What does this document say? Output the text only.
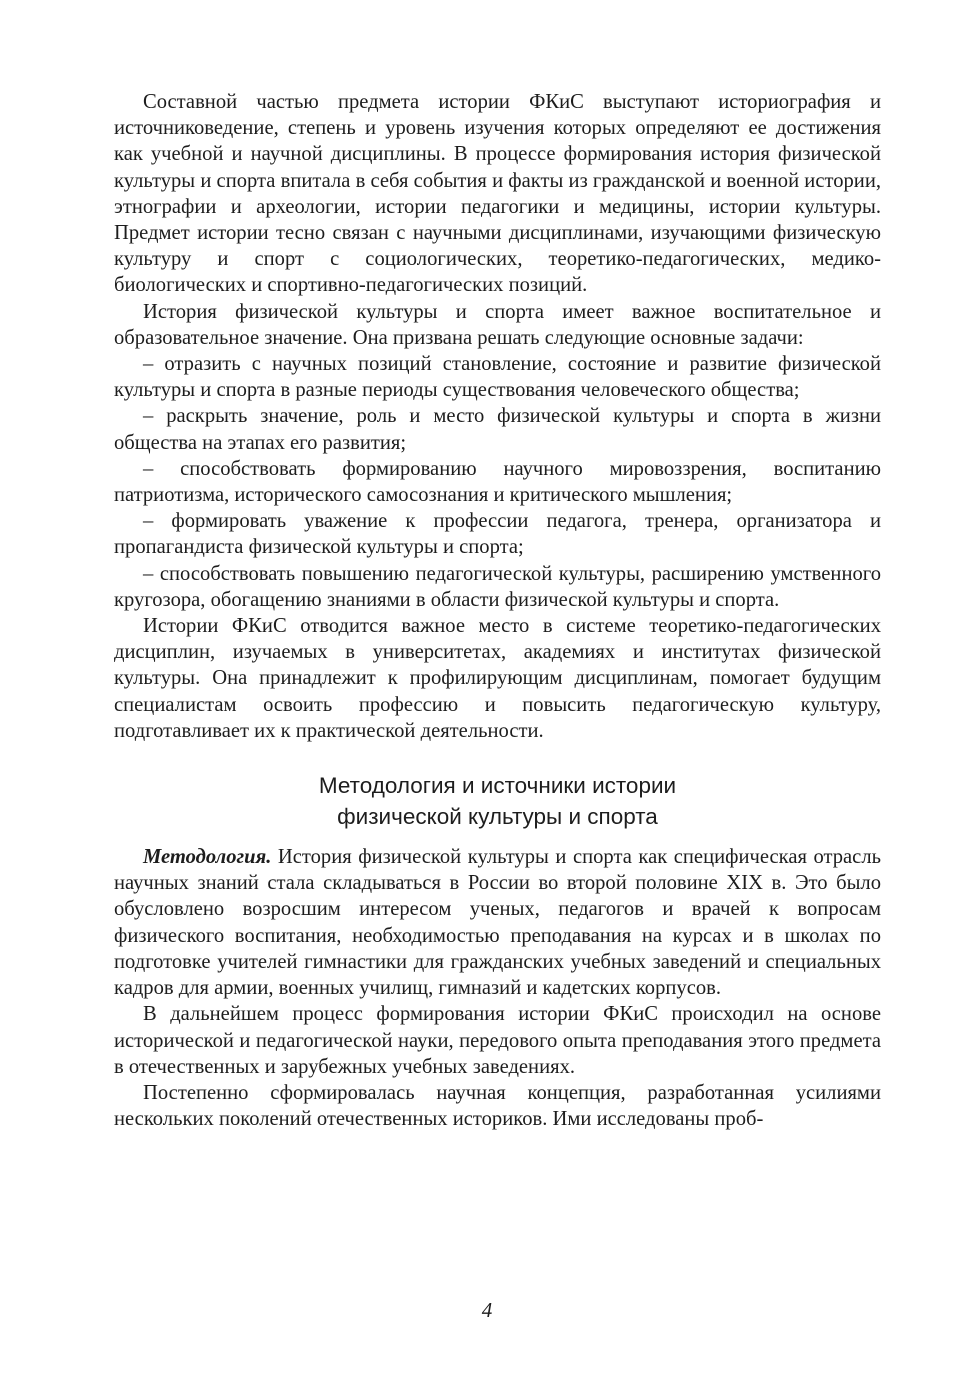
Составной частью предмета истории ФКиС выступают историография и источниковедение, степень и уровень изучения которых определяют ее достижения как учебной и научной дисциплины. В процессе формирования история физической культуры и спорта впитала в себя события и факты из гражданской и военной истории, этнографии и археологии, истории педагогики и медицины, истории культуры. Предмет истории тесно связан с научными дисциплинами, изучающими физическую культуру и спорт с социологических, теоретико-педагогических, медико-биологических и спортивно-педагогических позиций.

История физической культуры и спорта имеет важное воспитательное и образовательное значение. Она призвана решать следующие основные задачи:

– отразить с научных позиций становление, состояние и развитие физической культуры и спорта в разные периоды существования человеческого общества;

– раскрыть значение, роль и место физической культуры и спорта в жизни общества на этапах его развития;

– способствовать формированию научного мировоззрения, воспитанию патриотизма, исторического самосознания и критического мышления;

– формировать уважение к профессии педагога, тренера, организатора и пропагандиста физической культуры и спорта;

– способствовать повышению педагогической культуры, расширению умственного кругозора, обогащению знаниями в области физической культуры и спорта.

Истории ФКиС отводится важное место в системе теоретико-педагогических дисциплин, изучаемых в университетах, академиях и институтах физической культуры. Она принадлежит к профилирующим дисциплинам, помогает будущим специалистам освоить профессию и повысить педагогическую культуру, подготавливает их к практической деятельности.

Методология и источники истории
физической культуры и спорта

Методология. История физической культуры и спорта как специфическая отрасль научных знаний стала складываться в России во второй половине XIX в. Это было обусловлено возросшим интересом ученых, педагогов и врачей к вопросам физического воспитания, необходимостью преподавания на курсах и в школах по подготовке учителей гимнастики для гражданских учебных заведений и специальных кадров для армии, военных училищ, гимназий и кадетских корпусов.

В дальнейшем процесс формирования истории ФКиС происходил на основе исторической и педагогической науки, передового опыта преподавания этого предмета в отечественных и зарубежных учебных заведениях.

Постепенно сформировалась научная концепция, разработанная усилиями нескольких поколений отечественных историков. Ими исследованы проб-

4
